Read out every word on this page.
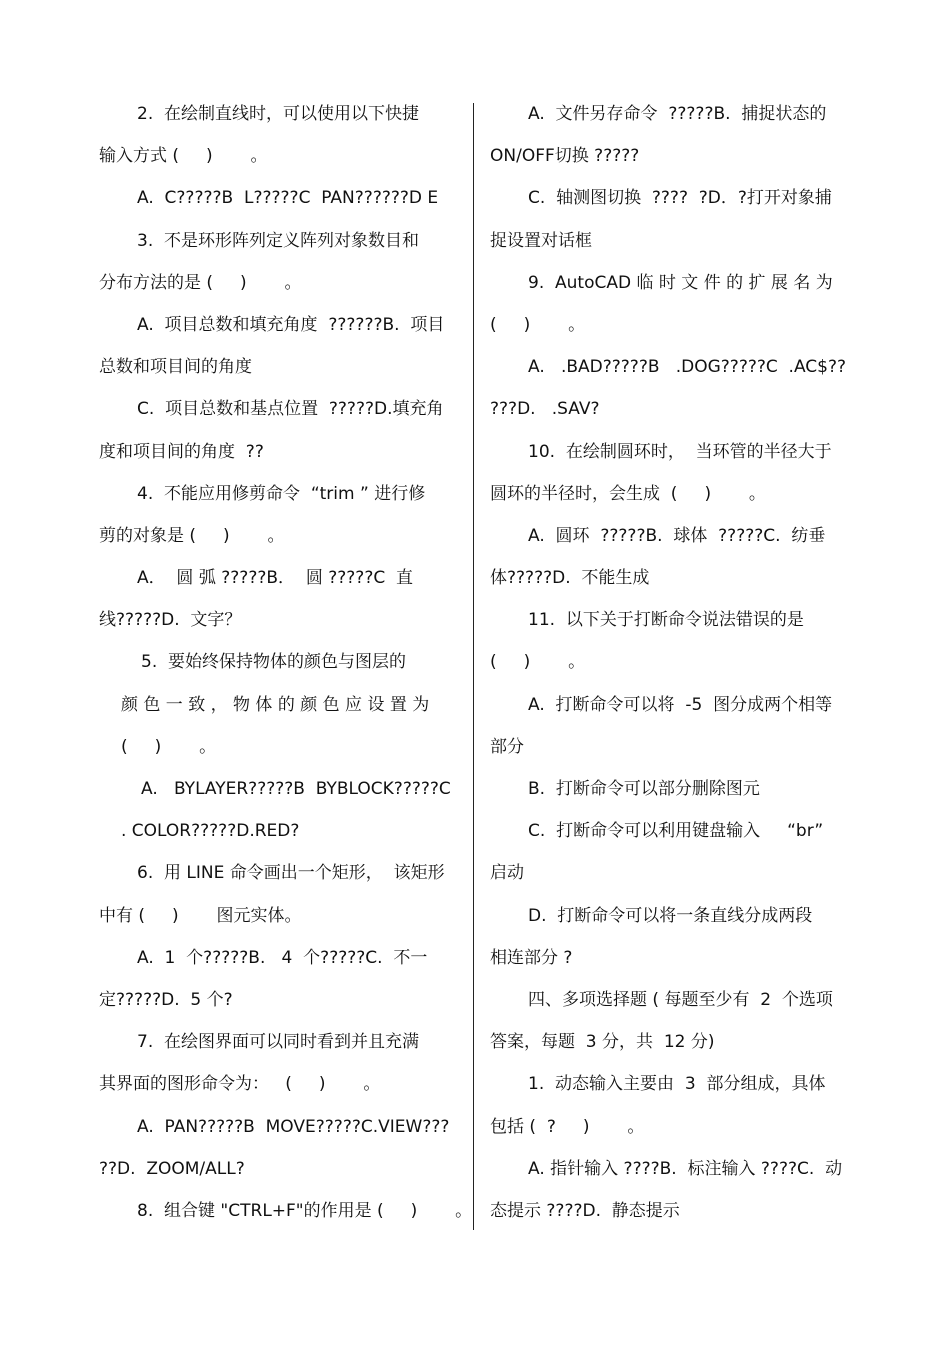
2.  在绘制直线时，可以使用以下快捷
输入方式 (     )       。
A.  C?????B  L?????C  PAN??????D E
3.  不是环形阵列定义阵列对象数目和
分布方法的是 (     )       。
A.  项目总数和填充角度  ??????B.  项目
总数和项目间的角度
C.  项目总数和基点位置  ?????D.填充角
度和项目间的角度  ??
4.  不能应用修剪命令  “trim ” 进行修
剪的对象是 (     )       。
A．  圆 弧 ?????B．  圆 ?????C  直
线?????D.  文字？
5.  要始终保持物体的颜色与图层的
颜 色 一 致 ， 物 体 的 颜 色 应 设 置 为
(     )       。
A.   BYLAYER?????B  BYBLOCK?????C
. COLOR?????D.RED?
6.  用 LINE 命令画出一个矩形，  该矩形
中有 (     )       图元实体。
A.  1  个?????B.   4  个?????C.  不一
定?????D.  5 个?
7.  在绘图界面可以同时看到并且充满
其界面的图形命令为：   (     )       。
A.  PAN?????B  MOVE?????C.VIEW???
??D.  ZOOM/ALL?
8.  组合键 "CTRL+F"的作用是 (     )       。
A.  文件另存命令  ?????B.  捕捉状态的
ON/OFF切换 ?????
C.  轴测图切换  ????  ?D．?打开对象捕
捉设置对话框
9.  AutoCAD 临 时 文 件 的 扩 展 名 为
(     )       。
A.   .BAD?????B   .DOG?????C  .AC$??
???D.   .SAV?
10.  在绘制圆环时，  当环管的半径大于
圆环的半径时，会生成  (     )       。
A.  圆环  ?????B.  球体  ?????C.  纺垂
体?????D.  不能生成
11.  以下关于打断命令说法错误的是
(     )       。
A.  打断命令可以将  -5  图分成两个相等
部分
B.  打断命令可以部分删除图元
C.  打断命令可以利用键盘输入     “br”
启动
D.  打断命令可以将一条直线分成两段
相连部分 ?
四、多项选择题 ( 每题至少有  2  个选项
答案，每题  3 分，共  12 分)
1.  动态输入主要由  3  部分组成，具体
包括 (  ?     )       。
A. 指针输入 ????B.  标注输入 ????C.  动
态提示 ????D.  静态提示
